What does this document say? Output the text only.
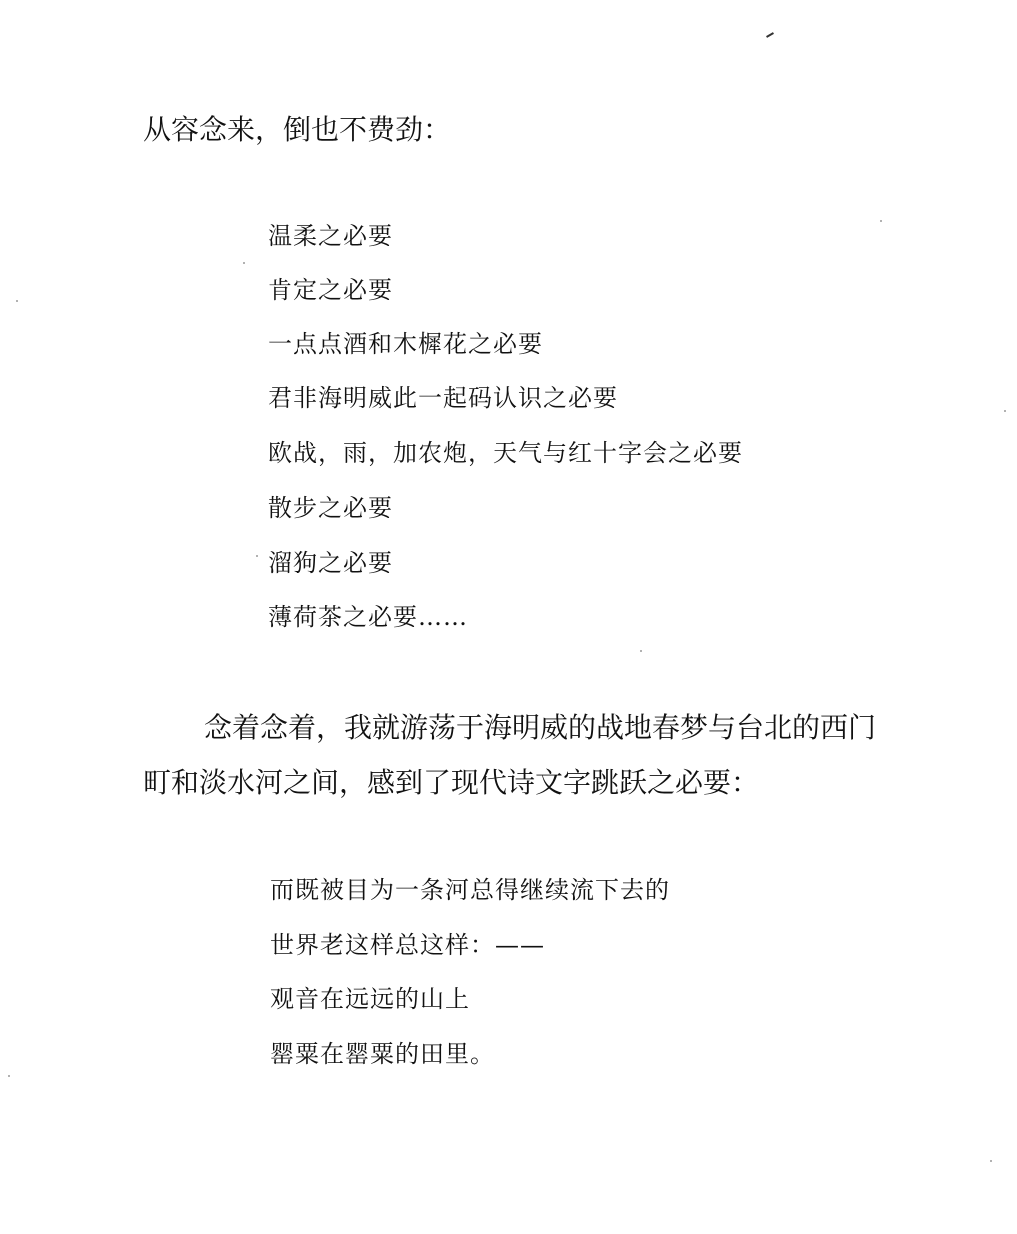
从容念来，倒也不费劲：
温柔之必要
肯定之必要
一点点酒和木樨花之必要
君非海明威此一起码认识之必要
欧战，雨，加农炮，天气与红十字会之必要
散步之必要
溜狗之必要
薄荷茶之必要……
念着念着，我就游荡于海明威的战地春梦与台北的西门
町和淡水河之间，感到了现代诗文字跳跃之必要：
而既被目为一条河总得继续流下去的
世界老这样总这样：——
观音在远远的山上
罂粟在罂粟的田里。
